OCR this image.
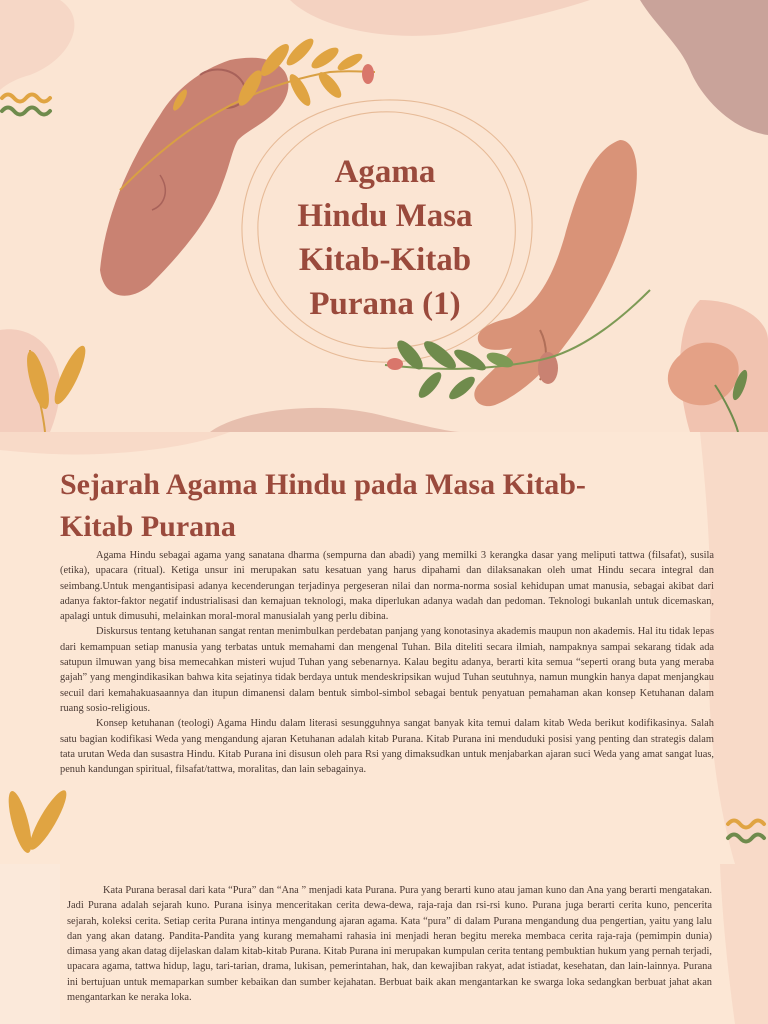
Agama
Hindu Masa
Kitab-Kitab
Purana (1)
Sejarah Agama Hindu pada Masa Kitab-
Kitab Purana

Agama Hindu sebagai agama yang sanatana dharma (sempurna dan abadi) yang memilki 3 kerangka dasar yang meliputi tattwa (filsafat), susila (etika), upacara (ritual). Ketiga unsur ini merupakan satu kesatuan yang harus dipahami dan dilaksanakan oleh umat Hindu secara integral dan seimbang.Untuk mengantisipasi adanya kecenderungan terjadinya pergeseran nilai dan norma-norma sosial kehidupan umat manusia, sebagai akibat dari adanya faktor-faktor negatif industrialisasi dan kemajuan teknologi, maka diperlukan adanya wadah dan pedoman. Teknologi bukanlah untuk dicemaskan, apalagi untuk dimusuhi, melainkan moral-moral manusialah yang perlu dibina.

Diskursus tentang ketuhanan sangat rentan menimbulkan perdebatan panjang yang konotasinya akademis maupun non akademis. Hal itu tidak lepas dari kemampuan setiap manusia yang terbatas untuk memahami dan mengenal Tuhan. Bila diteliti secara ilmiah, nampaknya sampai sekarang tidak ada satupun ilmuwan yang bisa memecahkan misteri wujud Tuhan yang sebenarnya. Kalau begitu adanya, berarti kita semua “seperti orang buta yang meraba gajah” yang mengindikasikan bahwa kita sejatinya tidak berdaya untuk mendeskripsikan wujud Tuhan seutuhnya, namun mungkin hanya dapat menjangkau secuil dari kemahakuasaannya dan itupun dimanensi dalam bentuk simbol-simbol sebagai bentuk penyatuan pemahaman akan konsep Ketuhanan dalam ruang sosio-religious.

Konsep ketuhanan (teologi) Agama Hindu dalam literasi sesungguhnya sangat banyak kita temui dalam kitab Weda berikut kodifikasinya. Salah satu bagian kodifikasi Weda yang mengandung ajaran Ketuhanan adalah kitab Purana. Kitab Purana ini menduduki posisi yang penting dan strategis dalam tata urutan Weda dan susastra Hindu. Kitab Purana ini disusun oleh para Rsi yang dimaksudkan untuk menjabarkan ajaran suci Weda yang amat sangat luas, penuh kandungan spiritual, filsafat/tattwa, moralitas, dan lain sebagainya.

Kata Purana berasal dari kata “Pura” dan “Ana ” menjadi kata Purana. Pura yang berarti kuno atau jaman kuno dan Ana yang berarti mengatakan. Jadi Purana adalah sejarah kuno. Purana isinya menceritakan cerita dewa-dewa, raja-raja dan rsi-rsi kuno. Purana juga berarti cerita kuno, pencerita sejarah, koleksi cerita. Setiap cerita Purana intinya mengandung ajaran agama. Kata “pura” di dalam Purana mengandung dua pengertian, yaitu yang lalu dan yang akan datang. Pandita-Pandita yang kurang memahami rahasia ini menjadi heran begitu mereka membaca cerita raja-raja (pemimpin dunia) dimasa yang akan datag dijelaskan dalam kitab-kitab Purana. Kitab Purana ini merupakan kumpulan cerita tentang pembuktian hukum yang pernah terjadi, upacara agama, tattwa hidup, lagu, tari-tarian, drama, lukisan, pemerintahan, hak, dan kewajiban rakyat, adat istiadat, kesehatan, dan lain-lainnya. Purana ini bertujuan untuk memaparkan sumber kebaikan dan sumber kejahatan. Berbuat baik akan mengantarkan ke swarga loka sedangkan berbuat jahat akan mengantarkan ke neraka loka.
